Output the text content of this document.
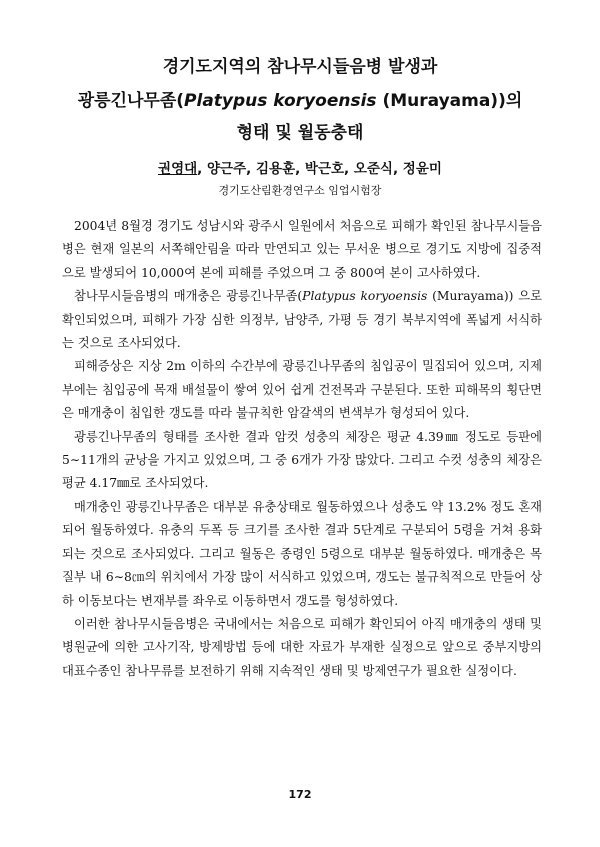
경기도지역의 참나무시들음병 발생과
광릉긴나무좀(Platypus koryoensis (Murayama))의
형태 및 월동충태
권영대, 양근주, 김용훈, 박근호, 오준식, 정윤미
경기도산림환경연구소 임업시험장

2004년 8월경 경기도 성남시와 광주시 일원에서 처음으로 피해가 확인된 참나무시들음병은 현재 일본의 서쪽해안림을 따라 만연되고 있는 무서운 병으로 경기도 지방에 집중적으로 발생되어 10,000여 본에 피해를 주었으며 그 중 800여 본이 고사하였다.

참나무시들음병의 매개충은 광릉긴나무좀(Platypus koryoensis (Murayama)) 으로 확인되었으며, 피해가 가장 심한 의정부, 남양주, 가평 등 경기 북부지역에 폭넓게 서식하는 것으로 조사되었다.

피해증상은 지상 2m 이하의 수간부에 광릉긴나무좀의 침입공이 밀집되어 있으며, 지제부에는 침입공에 목재 배설물이 쌓여 있어 쉽게 건전목과 구분된다. 또한 피해목의 횡단면은 매개충이 침입한 갱도를 따라 불규칙한 암갈색의 변색부가 형성되어 있다.

광릉긴나무좀의 형태를 조사한 결과 암컷 성충의 체장은 평균 4.39㎜ 정도로 등판에 5∼11개의 균낭을 가지고 있었으며, 그 중 6개가 가장 많았다. 그리고 수컷 성충의 체장은 평균 4.17㎜로 조사되었다.

매개충인 광릉긴나무좀은 대부분 유충상태로 월동하였으나 성충도 약 13.2% 정도 혼재되어 월동하였다. 유충의 두폭 등 크기를 조사한 결과 5단계로 구분되어 5령을 거쳐 용화되는 것으로 조사되었다. 그리고 월동은 종령인 5령으로 대부분 월동하였다. 매개충은 목질부 내 6∼8㎝의 위치에서 가장 많이 서식하고 있었으며, 갱도는 불규칙적으로 만들어 상하 이동보다는 변재부를 좌우로 이동하면서 갱도를 형성하였다.

이러한 참나무시들음병은 국내에서는 처음으로 피해가 확인되어 아직 매개충의 생태 및 병원균에 의한 고사기작, 방제방법 등에 대한 자료가 부재한 실정으로 앞으로 중부지방의 대표수종인 참나무류를 보전하기 위해 지속적인 생태 및 방제연구가 필요한 실정이다.

172
